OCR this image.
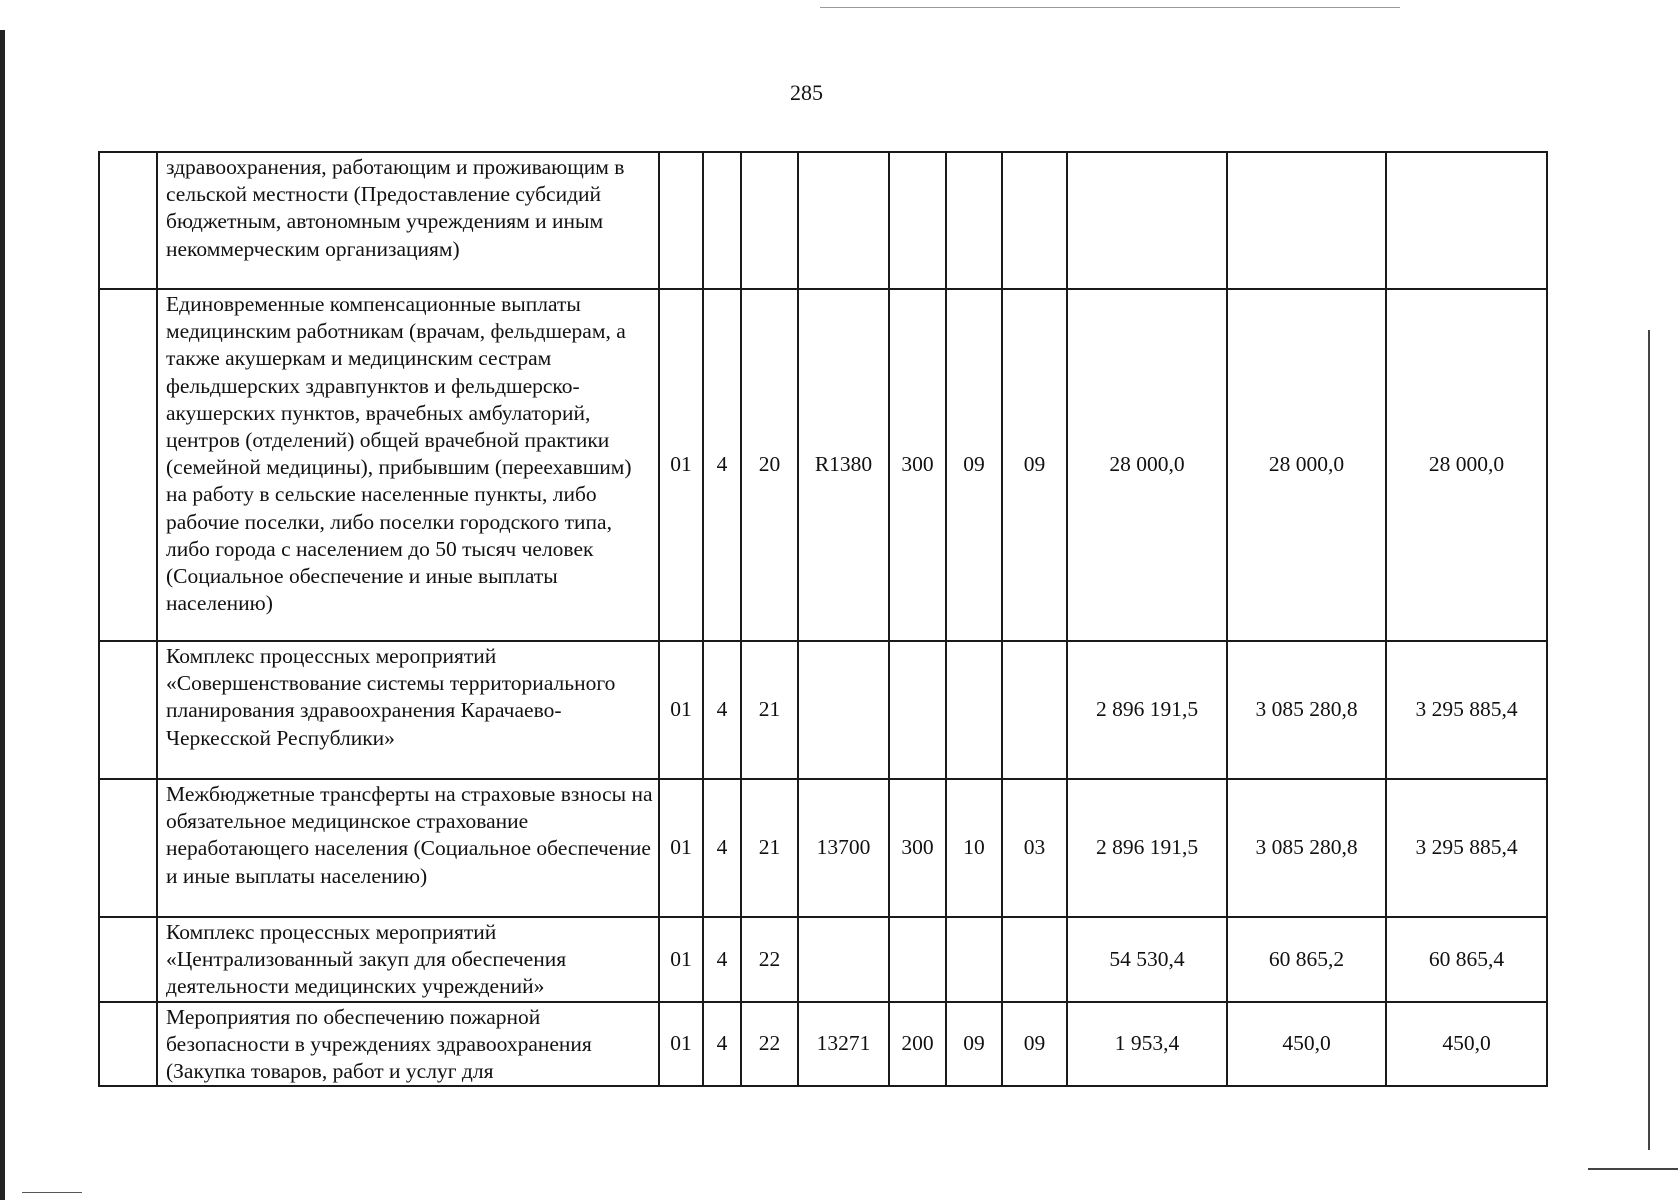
285
	здравоохранения, работающим и проживающим в сельской местности (Предоставление субсидий бюджетным, автономным учреждениям и иным некоммерческим организациям)										
	Единовременные компенсационные выплаты медицинским работникам (врачам, фельдшерам, а также акушеркам и медицинским сестрам фельдшерских здравпунктов и фельдшерско-акушерских пунктов, врачебных амбулаторий, центров (отделений) общей врачебной практики (семейной медицины), прибывшим (переехавшим) на работу в сельские населенные пункты, либо рабочие поселки, либо поселки городского типа, либо города с населением до 50 тысяч человек (Социальное обеспечение и иные выплаты населению)	01	4	20	R1380	300	09	09	28 000,0	28 000,0	28 000,0
	Комплекс процессных мероприятий «Совершенствование системы территориального планирования здравоохранения Карачаево-Черкесской Республики»	01	4	21					2 896 191,5	3 085 280,8	3 295 885,4
	Межбюджетные трансферты на страховые взносы на обязательное медицинское страхование неработающего населения (Социальное обеспечение и иные выплаты населению)	01	4	21	13700	300	10	03	2 896 191,5	3 085 280,8	3 295 885,4
	Комплекс процессных мероприятий «Централизованный закуп для обеспечения деятельности медицинских учреждений»	01	4	22					54 530,4	60 865,2	60 865,4
	Мероприятия по обеспечению пожарной безопасности в учреждениях здравоохранения (Закупка товаров, работ и услуг для	01	4	22	13271	200	09	09	1 953,4	450,0	450,0
